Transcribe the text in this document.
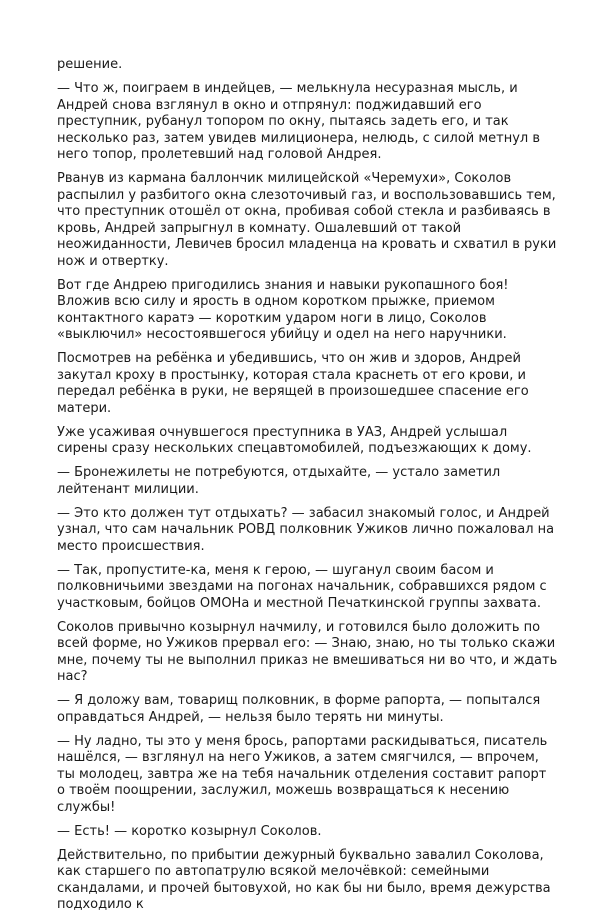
решение.

— Что ж, поиграем в индейцев, — мелькнула несуразная мысль, и Андрей снова взглянул в окно и отпрянул: поджидавший его преступник, рубанул топором по окну, пытаясь задеть его, и так несколько раз, затем увидев милиционера, нелюдь, с силой метнул в него топор, пролетевший над головой Андрея.

Рванув из кармана баллончик милицейской «Черемухи», Соколов распылил у разбитого окна слезоточивый газ, и воспользовавшись тем, что преступник отошёл от окна, пробивая собой стекла и разбиваясь в кровь, Андрей запрыгнул в комнату. Ошалевший от такой неожиданности, Левичев бросил младенца на кровать и схватил в руки нож и отвертку.

Вот где Андрею пригодились знания и навыки рукопашного боя! Вложив всю силу и ярость в одном коротком прыжке, приемом контактного каратэ — коротким ударом ноги в лицо, Соколов «выключил» несостоявшегося убийцу и одел на него наручники.

Посмотрев на ребёнка и убедившись, что он жив и здоров, Андрей закутал кроху в простынку, которая стала краснеть от его крови, и передал ребёнка в руки, не верящей в произошедшее спасение его матери.

Уже усаживая очнувшегося преступника в УАЗ, Андрей услышал сирены сразу нескольких спецавтомобилей, подъезжающих к дому.

— Бронежилеты не потребуются, отдыхайте, — устало заметил лейтенант милиции.

— Это кто должен тут отдыхать? — забасил знакомый голос, и Андрей узнал, что сам начальник РОВД полковник Ужиков лично пожаловал на место происшествия.

— Так, пропустите-ка, меня к герою, — шуганул своим басом и полковничьими звездами на погонах начальник, собравшихся рядом с участковым, бойцов ОМОНа и местной Печаткинской группы захвата.

Соколов привычно козырнул начмилу, и готовился было доложить по всей форме, но Ужиков прервал его: — Знаю, знаю, но ты только скажи мне, почему ты не выполнил приказ не вмешиваться ни во что, и ждать нас?

— Я доложу вам, товарищ полковник, в форме рапорта, — попытался оправдаться Андрей, — нельзя было терять ни минуты.

— Ну ладно, ты это у меня брось, рапортами раскидываться, писатель нашёлся, — взглянул на него Ужиков, а затем смягчился, — впрочем, ты молодец, завтра же на тебя начальник отделения составит рапорт о твоём поощрении, заслужил, можешь возвращаться к несению службы!

— Есть! — коротко козырнул Соколов.

Действительно, по прибытии дежурный буквально завалил Соколова, как старшего по автопатрулю всякой мелочёвкой: семейными скандалами, и прочей бытовухой, но как бы ни было, время дежурства подходило к
